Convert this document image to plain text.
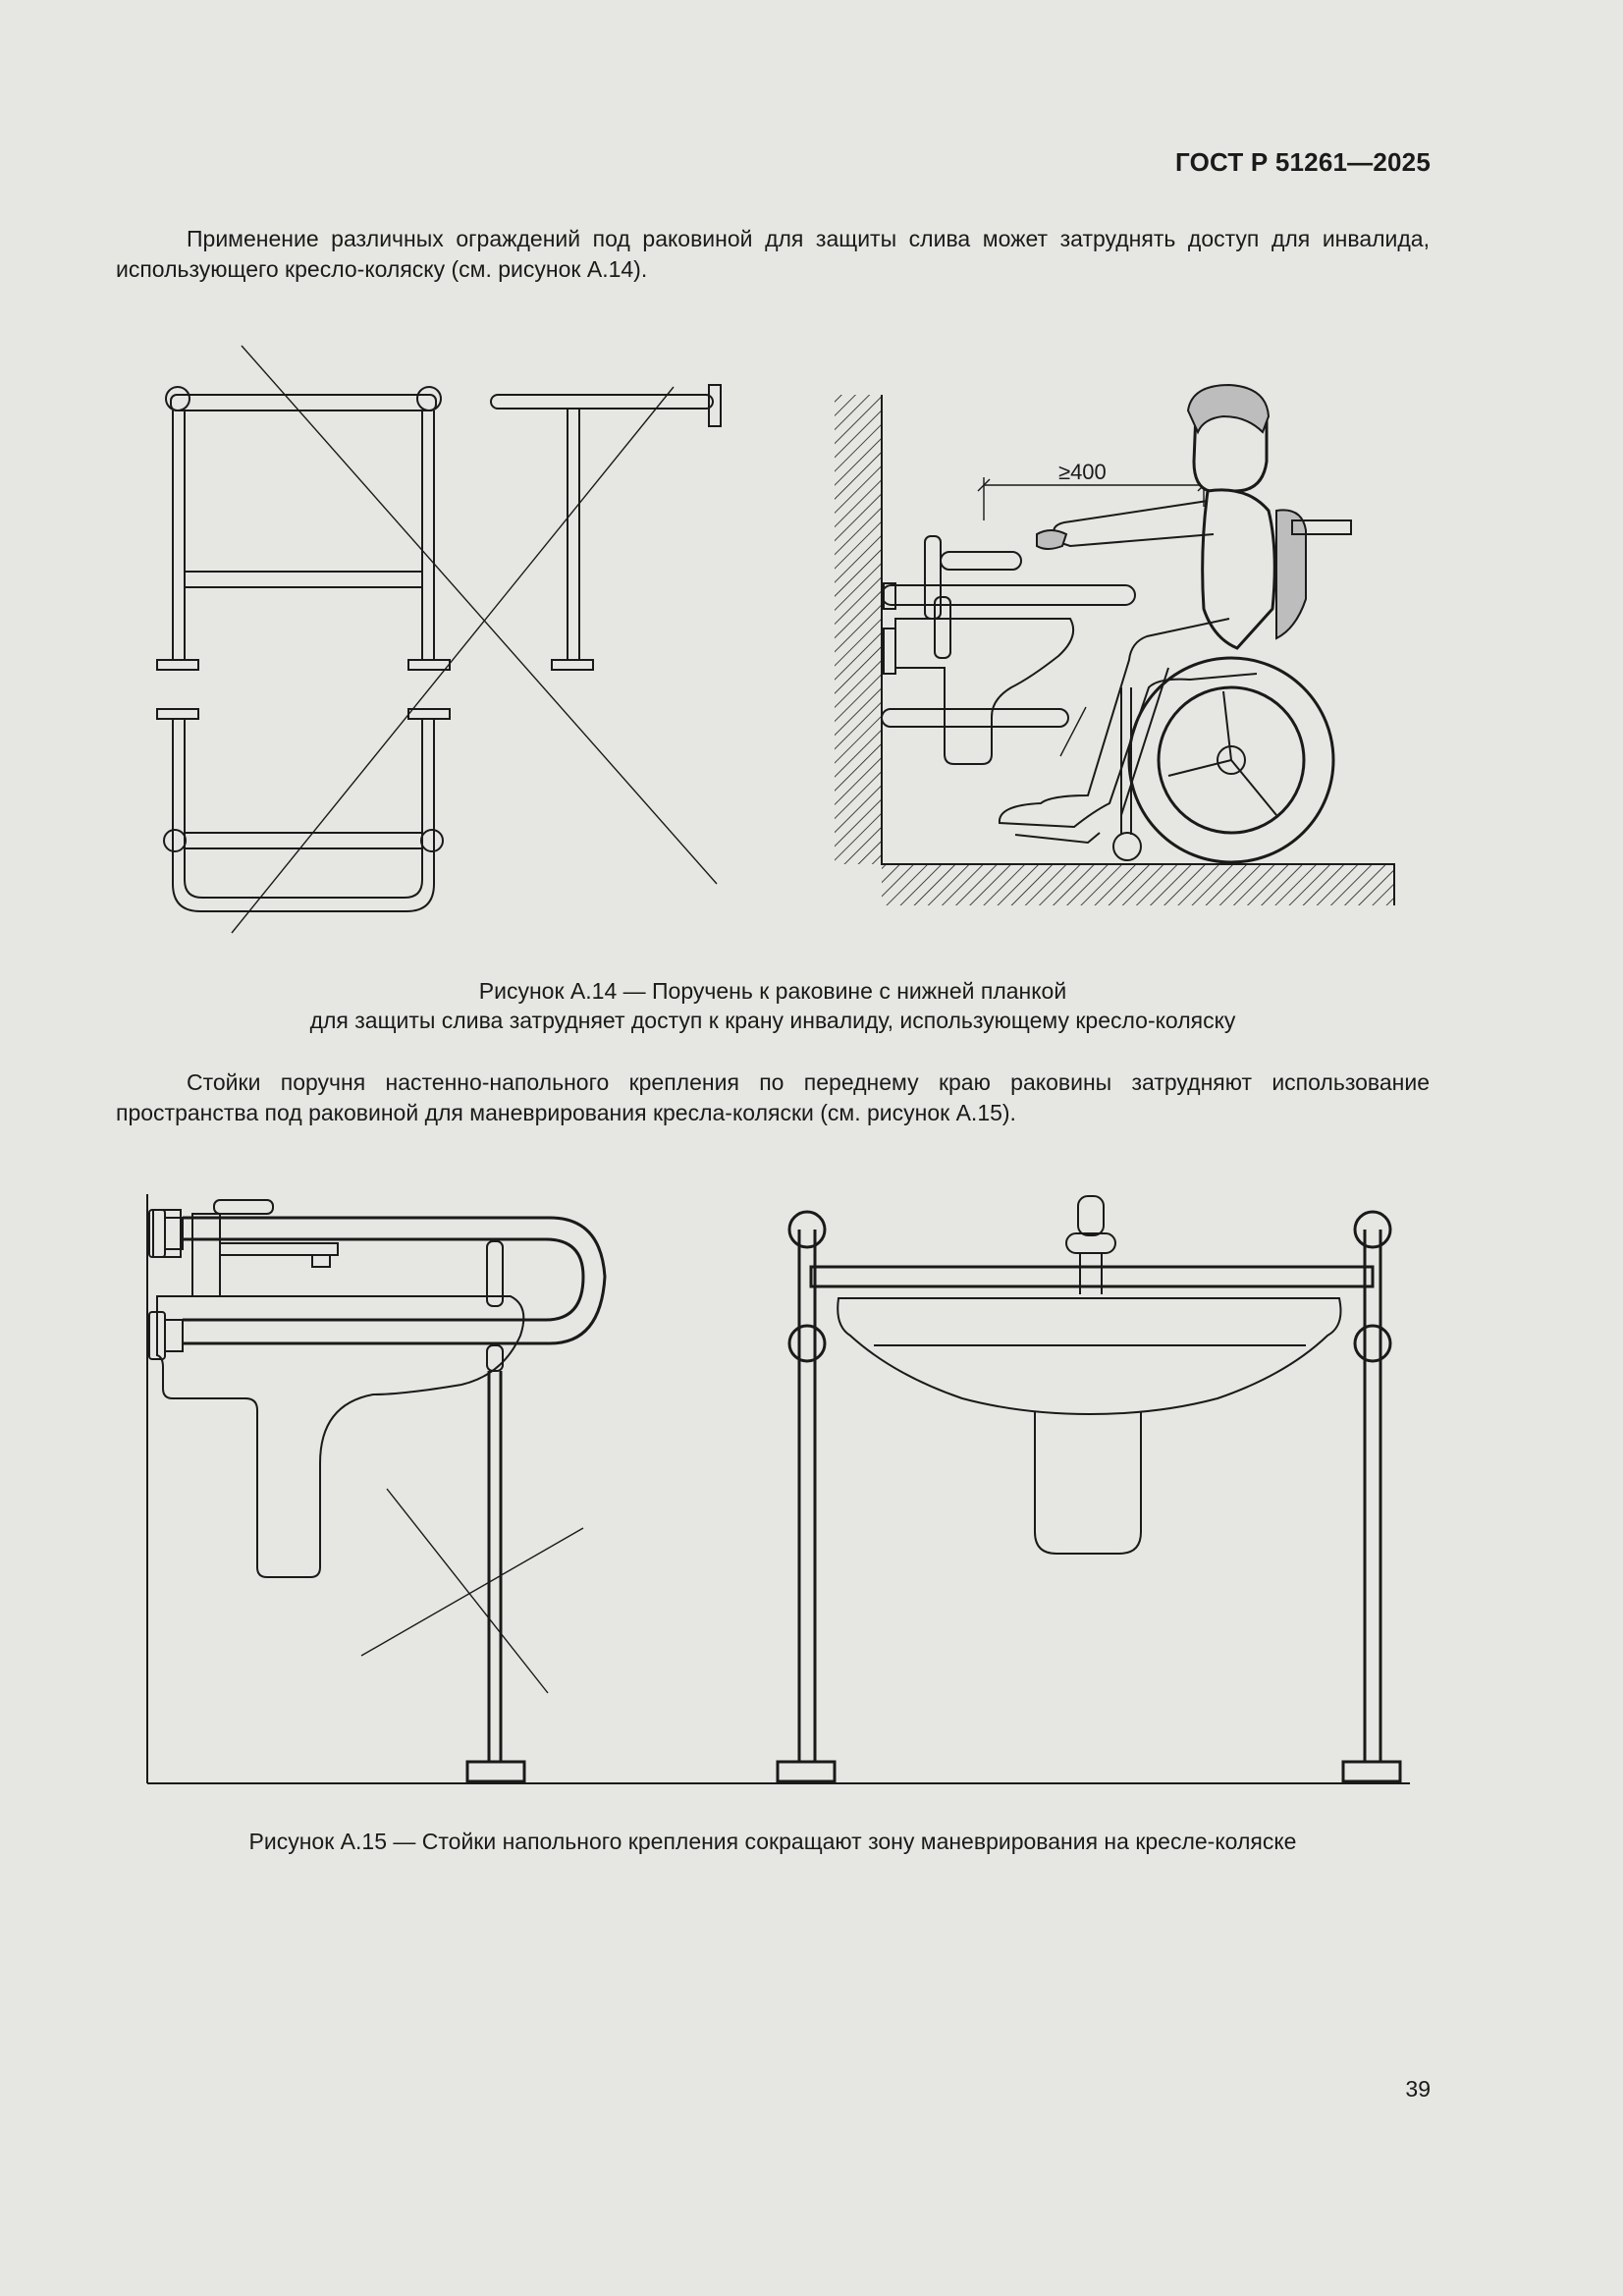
ГОСТ Р 51261—2025

Применение различных ограждений под раковиной для защиты слива может затруднять доступ для инвалида, использующего кресло-коляску (см. рисунок А.14).

≥400
Рисунок А.14 — Поручень к раковине с нижней планкой
для защиты слива затрудняет доступ к крану инвалиду, использующему кресло-коляску

Стойки поручня настенно-напольного крепления по переднему краю раковины затрудняют использование пространства под раковиной для маневрирования кресла-коляски (см. рисунок А.15).

Рисунок А.15 — Стойки напольного крепления сокращают зону маневрирования на кресле-коляске
39
